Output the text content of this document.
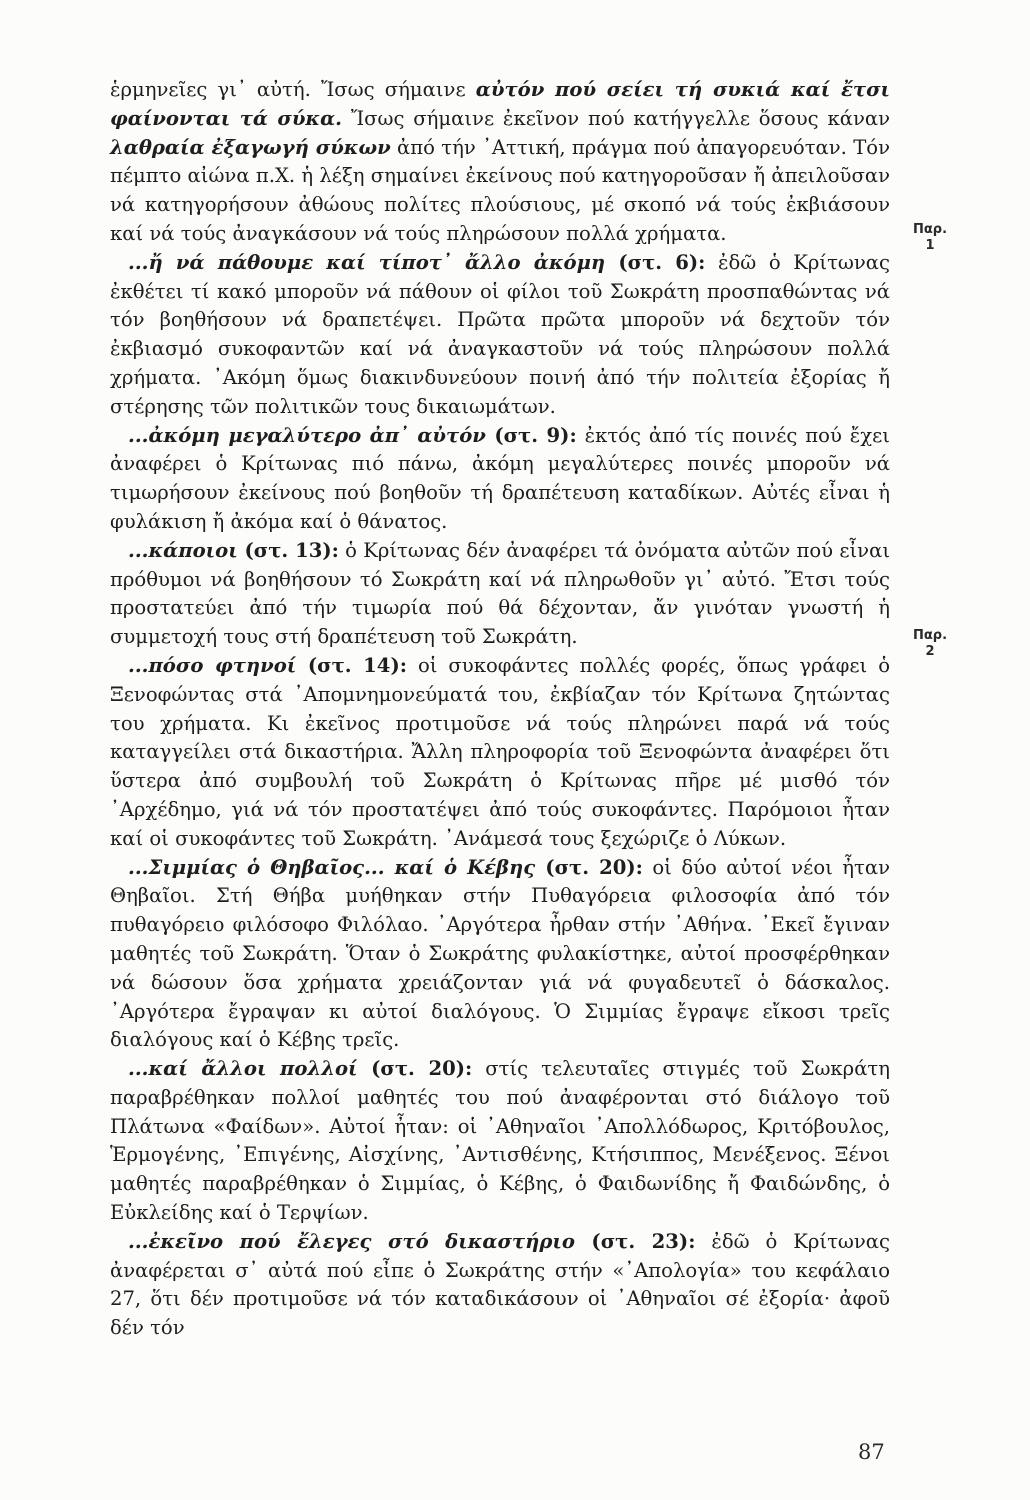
ἑρμηνεῖες γι᾽ αὐτή. Ἴσως σήμαινε αὐτόν πού σείει τή συκιά καί ἔτσι φαίνονται τά σύκα. Ἴσως σήμαινε ἐκεῖνον πού κατήγγελλε ὅσους κάναν λαθραία ἐξαγωγή σύκων ἀπό τήν ᾽Αττική, πράγμα πού ἀπαγορευόταν. Τόν πέμπτο αἰώνα π.Χ. ἡ λέξη σημαίνει ἐκείνους πού κατηγοροῦσαν ἤ ἀπειλοῦσαν νά κατηγορήσουν ἀθώους πολίτες πλούσιους, μέ σκοπό νά τούς ἐκβιάσουν καί νά τούς ἀναγκάσουν νά τούς πληρώσουν πολλά χρήματα.

...ἤ νά πάθουμε καί τίποτ᾽ ἄλλο ἀκόμη (στ. 6): ἐδῶ ὁ Κρίτωνας ἐκθέτει τί κακό μποροῦν νά πάθουν οἱ φίλοι τοῦ Σωκράτη προσπαθώντας νά τόν βοηθήσουν νά δραπετέψει. Πρῶτα πρῶτα μποροῦν νά δεχτοῦν τόν ἐκβιασμό συκοφαντῶν καί νά ἀναγκαστοῦν νά τούς πληρώσουν πολλά χρήματα. ᾽Ακόμη ὅμως διακινδυνεύουν ποινή ἀπό τήν πολιτεία ἐξορίας ἤ στέρησης τῶν πολιτικῶν τους δικαιωμάτων.

...ἀκόμη μεγαλύτερο ἀπ᾽ αὐτόν (στ. 9): ἐκτός ἀπό τίς ποινές πού ἔχει ἀναφέρει ὁ Κρίτωνας πιό πάνω, ἀκόμη μεγαλύτερες ποινές μποροῦν νά τιμωρήσουν ἐκείνους πού βοηθοῦν τή δραπέτευση καταδίκων. Αὐτές εἶναι ἡ φυλάκιση ἤ ἀκόμα καί ὁ θάνατος.

...κάποιοι (στ. 13): ὁ Κρίτωνας δέν ἀναφέρει τά ὀνόματα αὐτῶν πού εἶναι πρόθυμοι νά βοηθήσουν τό Σωκράτη καί νά πληρωθοῦν γι᾽ αὐτό. Ἔτσι τούς προστατεύει ἀπό τήν τιμωρία πού θά δέχονταν, ἄν γινόταν γνωστή ἡ συμμετοχή τους στή δραπέτευση τοῦ Σωκράτη.

...πόσο φτηνοί (στ. 14): οἱ συκοφάντες πολλές φορές, ὅπως γράφει ὁ Ξενοφώντας στά ᾽Απομνημονεύματά του, ἐκβίαζαν τόν Κρίτωνα ζητώντας του χρήματα. Κι ἐκεῖνος προτιμοῦσε νά τούς πληρώνει παρά νά τούς καταγγείλει στά δικαστήρια. Ἄλλη πληροφορία τοῦ Ξενοφώντα ἀναφέρει ὅτι ὕστερα ἀπό συμβουλή τοῦ Σωκράτη ὁ Κρίτωνας πῆρε μέ μισθό τόν ᾽Αρχέδημο, γιά νά τόν προστατέψει ἀπό τούς συκοφάντες. Παρόμοιοι ἦταν καί οἱ συκοφάντες τοῦ Σωκράτη. ᾽Ανάμεσά τους ξεχώριζε ὁ Λύκων.

...Σιμμίας ὁ Θηβαῖος... καί ὁ Κέβης (στ. 20): οἱ δύο αὐτοί νέοι ἦταν Θηβαῖοι. Στή Θήβα μυήθηκαν στήν Πυθαγόρεια φιλοσοφία ἀπό τόν πυθαγόρειο φιλόσοφο Φιλόλαο. ᾽Αργότερα ἦρθαν στήν ᾽Αθήνα. ᾽Εκεῖ ἔγιναν μαθητές τοῦ Σωκράτη. Ὅταν ὁ Σωκράτης φυλακίστηκε, αὐτοί προσφέρθηκαν νά δώσουν ὅσα χρήματα χρειάζονταν γιά νά φυγαδευτεῖ ὁ δάσκαλος. ᾽Αργότερα ἔγραψαν κι αὐτοί διαλόγους. Ὁ Σιμμίας ἔγραψε εἴκοσι τρεῖς διαλόγους καί ὁ Κέβης τρεῖς.

...καί ἄλλοι πολλοί (στ. 20): στίς τελευταῖες στιγμές τοῦ Σωκράτη παραβρέθηκαν πολλοί μαθητές του πού ἀναφέρονται στό διάλογο τοῦ Πλάτωνα «Φαίδων». Αὐτοί ἦταν: οἱ ᾽Αθηναῖοι ᾽Απολλόδωρος, Κριτόβουλος, Ἑρμογένης, ᾽Επιγένης, Αἰσχίνης, ᾽Αντισθένης, Κτήσιππος, Μενέξενος. Ξένοι μαθητές παραβρέθηκαν ὁ Σιμμίας, ὁ Κέβης, ὁ Φαιδωνίδης ἤ Φαιδώνδης, ὁ Εὐκλείδης καί ὁ Τερψίων.

...ἐκεῖνο πού ἔλεγες στό δικαστήριο (στ. 23): ἐδῶ ὁ Κρίτωνας ἀναφέρεται σ᾽ αὐτά πού εἶπε ὁ Σωκράτης στήν «᾽Απολογία» του κεφάλαιο 27, ὅτι δέν προτιμοῦσε νά τόν καταδικάσουν οἱ ᾽Αθηναῖοι σέ ἐξορία· ἀφοῦ δέν τόν

Παρ.
1
Παρ.
2
87
